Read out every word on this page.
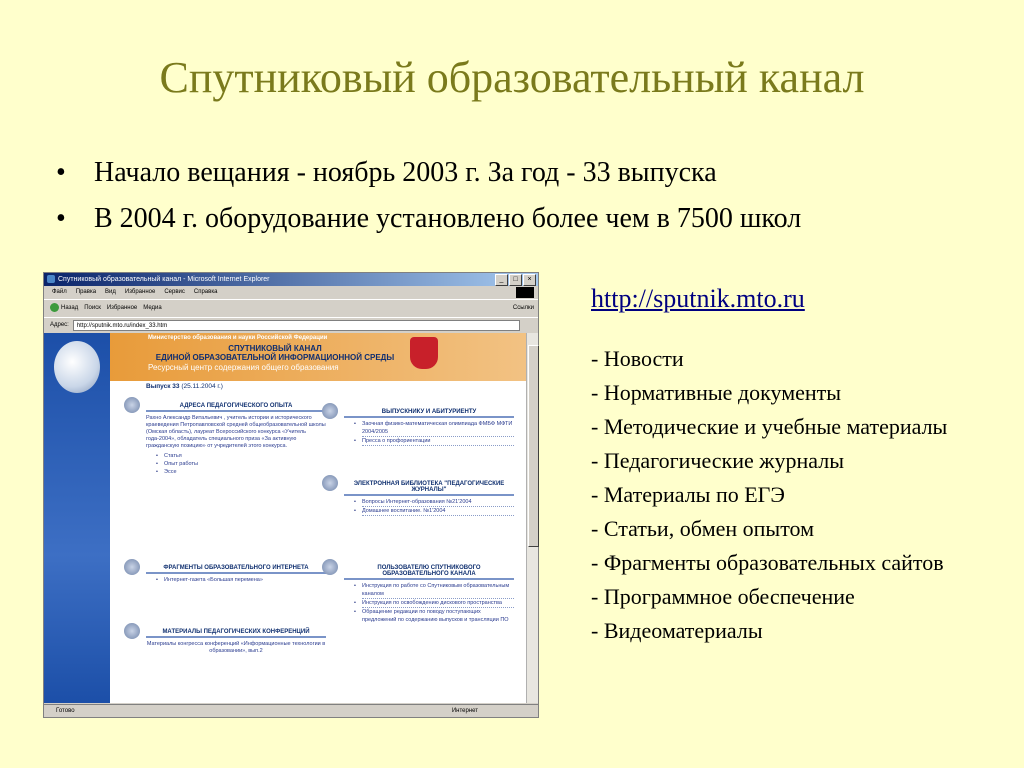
Спутниковый образовательный канал
•	Начало вещания - ноябрь 2003 г. За год - 33 выпуска
•	В 2004 г. оборудование установлено более чем в 7500 школ
Спутниковый образовательный канал - Microsoft Internet Explorer	_	□	×
Файл Правка Вид Избранное Сервис Справка
Назад Поиск Избранное Медиа	Ссылки
Адрес:	http://sputnik.mto.ru/index_33.htm
Министерство образования и науки Российской Федерации
СПУТНИКОВЫЙ КАНАЛ
ЕДИНОЙ ОБРАЗОВАТЕЛЬНОЙ ИНФОРМАЦИОННОЙ СРЕДЫ
Ресурсный центр содержания общего образования
Выпуск 33 (25.11.2004 г.)
АДРЕСА ПЕДАГОГИЧЕСКОГО ОПЫТА
Рахно Александр Витальевич , учитель истории и исторического краеведения Петропавловской средней общеобразовательной школы (Омская область), лауреат Всероссийского конкурса «Учитель года-2004», обладатель специального приза «За активную гражданскую позицию» от учредителей этого конкурса.
• Статья
• Опыт работы
• Эссе
ВЫПУСКНИКУ И АБИТУРИЕНТУ
• Заочная физико-математическая олимпиада ФМБФ МФТИ 2004/2005
• Пресса о профориентации
ЭЛЕКТРОННАЯ БИБЛИОТЕКА "ПЕДАГОГИЧЕСКИЕ ЖУРНАЛЫ"
• Вопросы Интернет-образования №21'2004
• Домашнее воспитание. №1'2004
ФРАГМЕНТЫ ОБРАЗОВАТЕЛЬНОГО ИНТЕРНЕТА
• Интернет-газета «Большая перемена»
ПОЛЬЗОВАТЕЛЮ СПУТНИКОВОГО ОБРАЗОВАТЕЛЬНОГО КАНАЛА
• Инструкция по работе со Спутниковым образовательным каналом
• Инструкция по освобождению дискового пространства
• Обращение редакции по поводу поступающих предложений по содержанию выпусков и трансляции ПО
МАТЕРИАЛЫ ПЕДАГОГИЧЕСКИХ КОНФЕРЕНЦИЙ
Материалы конгресса конференций «Информационные технологии в образовании», вып.2
Готово	Интернет
http://sputnik.mto.ru
- Новости
- Нормативные документы
- Методические и учебные материалы
- Педагогические журналы
- Материалы по ЕГЭ
- Статьи, обмен опытом
- Фрагменты образовательных сайтов
- Программное обеспечение
- Видеоматериалы
